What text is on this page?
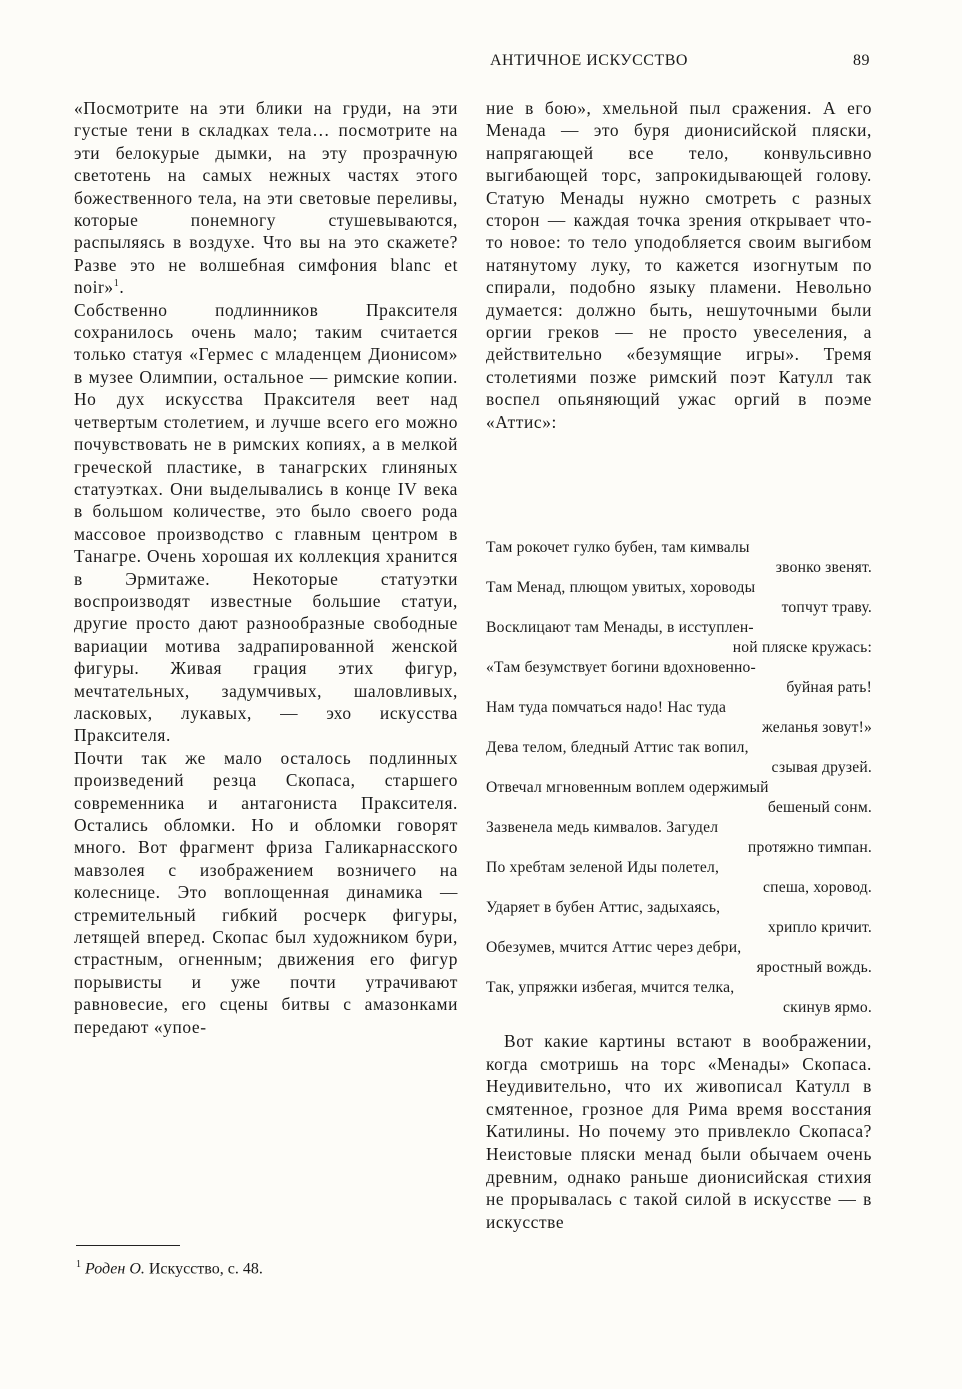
АНТИЧНОЕ ИСКУССТВО	89

«Посмотрите на эти блики на груди, на эти густые тени в складках тела… посмотрите на эти белокурые дымки, на эту прозрачную светотень на самых нежных частях этого божественного тела, на эти световые переливы, которые понемногу стушевываются, распыляясь в воздухе. Что вы на это скажете? Разве это не волшебная симфония blanc et noir»$^1$.

Собственно подлинников Праксителя сохранилось очень мало; таким считается только статуя «Гермес с младенцем Дионисом» в музее Олимпии, остальное — римские копии. Но дух искусства Праксителя веет над четвертым столетием, и лучше всего его можно почувствовать не в римских копиях, а в мелкой греческой пластике, в танагрских глиняных статуэтках. Они выделывались в конце IV века в большом количестве, это было своего рода массовое производство с главным центром в Танагре. Очень хорошая их коллекция хранится в Эрмитаже. Некоторые статуэтки воспроизводят известные большие статуи, другие просто дают разнообразные свободные вариации мотива задрапированной женской фигуры. Живая грация этих фигур, мечтательных, задумчивых, шаловливых, ласковых, лукавых, — эхо искусства Праксителя.

Почти так же мало осталось подлинных произведений резца Скопаса, старшего современника и антагониста Праксителя. Остались обломки. Но и обломки говорят много. Вот фрагмент фриза Галикарнасского мавзолея с изображением возничего на колеснице. Это воплощенная динамика — стремительный гибкий росчерк фигуры, летящей вперед. Скопас был художником бури, страстным, огненным; движения его фигур порывисты и уже почти утрачивают равновесие, его сцены битвы с амазонками передают «упое-

ние в бою», хмельной пыл сражения. А его Менада — это буря дионисийской пляски, напрягающей все тело, конвульсивно выгибающей торс, запрокидывающей голову. Статую Менады нужно смотреть с разных сторон — каждая точка зрения открывает что-то новое: то тело уподобляется своим выгибом натянутому луку, то кажется изогнутым по спирали, подобно языку пламени. Невольно думается: должно быть, нешуточными были оргии греков — не просто увеселения, а действительно «безумящие игры». Тремя столетиями позже римский поэт Катулл так воспел опьяняющий ужас оргий в поэме «Аттис»:

Там рокочет гулко бубен, там кимвалы
звонко звенят.
Там Менад, плющом увитых, хороводы
топчут траву.
Восклицают там Менады, в исступлен-
ной пляске кружась:
«Там безумствует богини вдохновенно-
буйная рать!
Нам туда помчаться надо! Нас туда
желанья зовут!»
Дева телом, бледный Аттис так вопил,
сзывая друзей.
Отвечал мгновенным воплем одержимый
бешеный сонм.
Зазвенела медь кимвалов. Загудел
протяжно тимпан.
По хребтам зеленой Иды полетел,
спеша, хоровод.
Ударяет в бубен Аттис, задыхаясь,
хрипло кричит.
Обезумев, мчится Аттис через дебри,
яростный вождь.
Так, упряжки избегая, мчится телка,
скинув ярмо.

Вот какие картины встают в воображении, когда смотришь на торс «Менады» Скопаса. Неудивительно, что их живописал Катулл в смятенное, грозное для Рима время восстания Катилины. Но почему это привлекло Скопаса? Неистовые пляски менад были обычаем очень древним, однако раньше дионисийская стихия не прорывалась с такой силой в искусстве — в искусстве

$^1$ Роден О. Искусство, с. 48.
